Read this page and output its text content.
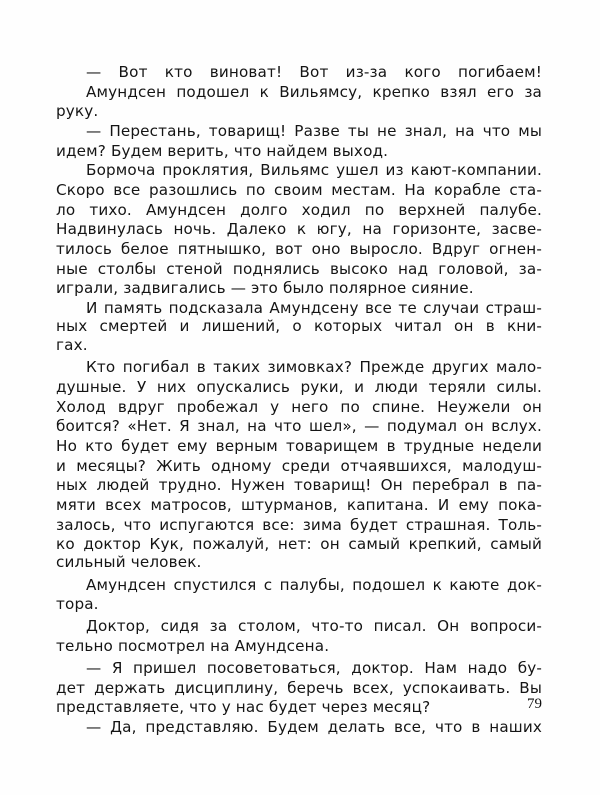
— Вот кто виноват! Вот из-за кого погибаем!
Амундсен подошел к Вильямсу, крепко взял его за
руку.
— Перестань, товарищ! Разве ты не знал, на что мы
идем? Будем верить, что найдем выход.
Бормоча проклятия, Вильямс ушел из кают-компании.
Скоро все разошлись по своим местам. На корабле ста-
ло тихо. Амундсен долго ходил по верхней палубе.
Надвинулась ночь. Далеко к югу, на горизонте, засве-
тилось белое пятнышко, вот оно выросло. Вдруг огнен-
ные столбы стеной поднялись высоко над головой, за-
играли, задвигались — это было полярное сияние.
И память подсказала Амундсену все те случаи страш-
ных смертей и лишений, о которых читал он в кни-
гах.
Кто погибал в таких зимовках? Прежде других мало-
душные. У них опускались руки, и люди теряли силы.
Холод вдруг пробежал у него по спине. Неужели он
боится? «Нет. Я знал, на что шел», — подумал он вслух.
Но кто будет ему верным товарищем в трудные недели
и месяцы? Жить одному среди отчаявшихся, малодуш-
ных людей трудно. Нужен товарищ! Он перебрал в па-
мяти всех матросов, штурманов, капитана. И ему пока-
залось, что испугаются все: зима будет страшная. Толь-
ко доктор Кук, пожалуй, нет: он самый крепкий, самый
сильный человек.
Амундсен спустился с палубы, подошел к каюте док-
тора.
Доктор, сидя за столом, что-то писал. Он вопроси-
тельно посмотрел на Амундсена.
— Я пришел посоветоваться, доктор. Нам надо бу-
дет держать дисциплину, беречь всех, успокаивать. Вы
представляете, что у нас будет через месяц?
— Да, представляю. Будем делать все, что в наших
79
